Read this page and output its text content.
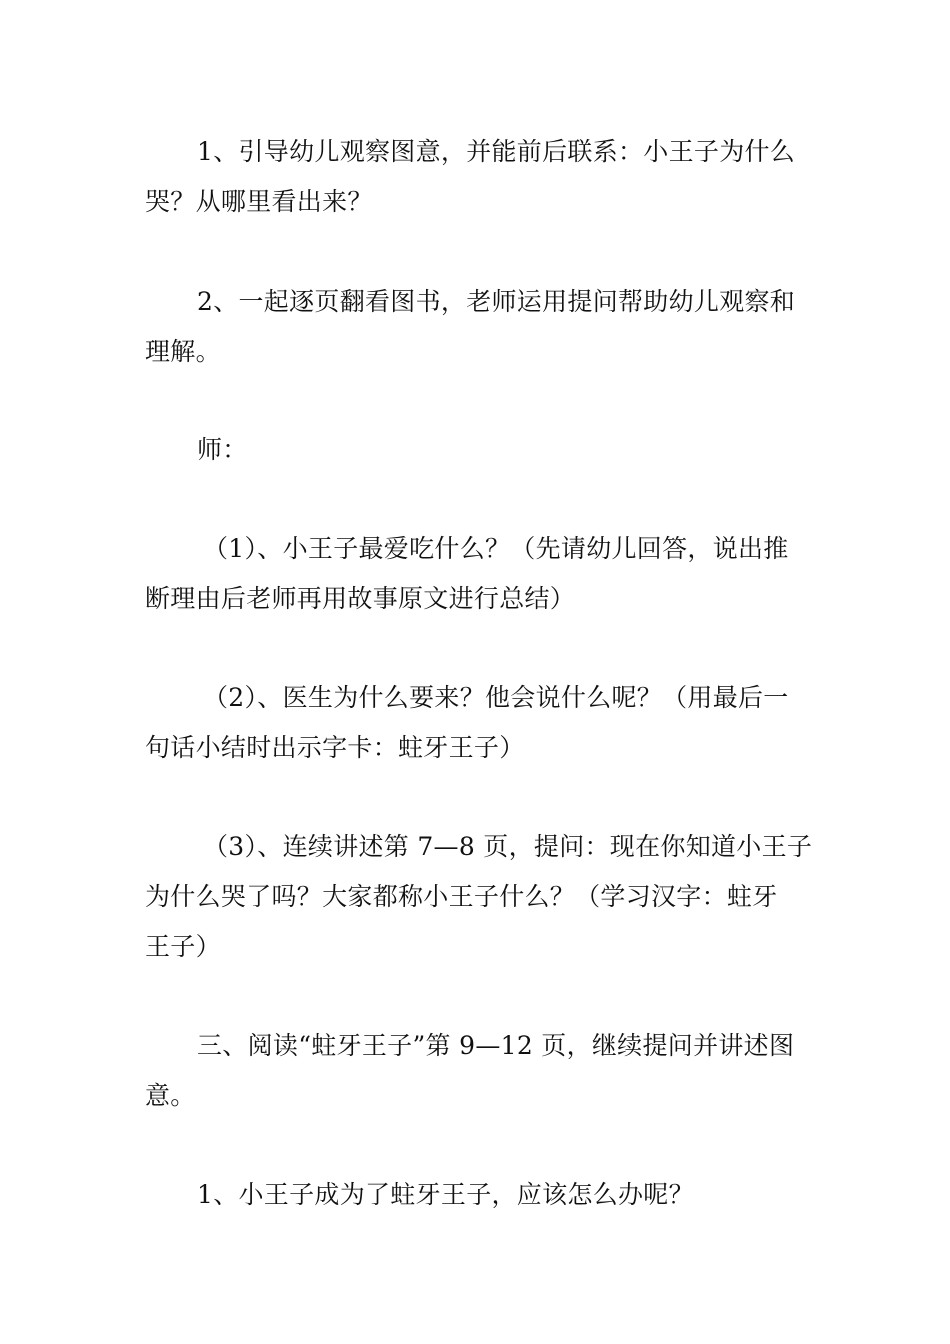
1、引导幼儿观察图意，并能前后联系：小王子为什么
哭？从哪里看出来？
2、一起逐页翻看图书，老师运用提问帮助幼儿观察和
理解。
师：
（1）、小王子最爱吃什么？（先请幼儿回答，说出推
断理由后老师再用故事原文进行总结）
（2）、医生为什么要来？他会说什么呢？（用最后一
句话小结时出示字卡：蛀牙王子）
（3）、连续讲述第 7—8 页，提问：现在你知道小王子
为什么哭了吗？大家都称小王子什么？（学习汉字：蛀牙
王子）
三、阅读“蛀牙王子”第 9—12 页，继续提问并讲述图
意。
1、小王子成为了蛀牙王子，应该怎么办呢？
